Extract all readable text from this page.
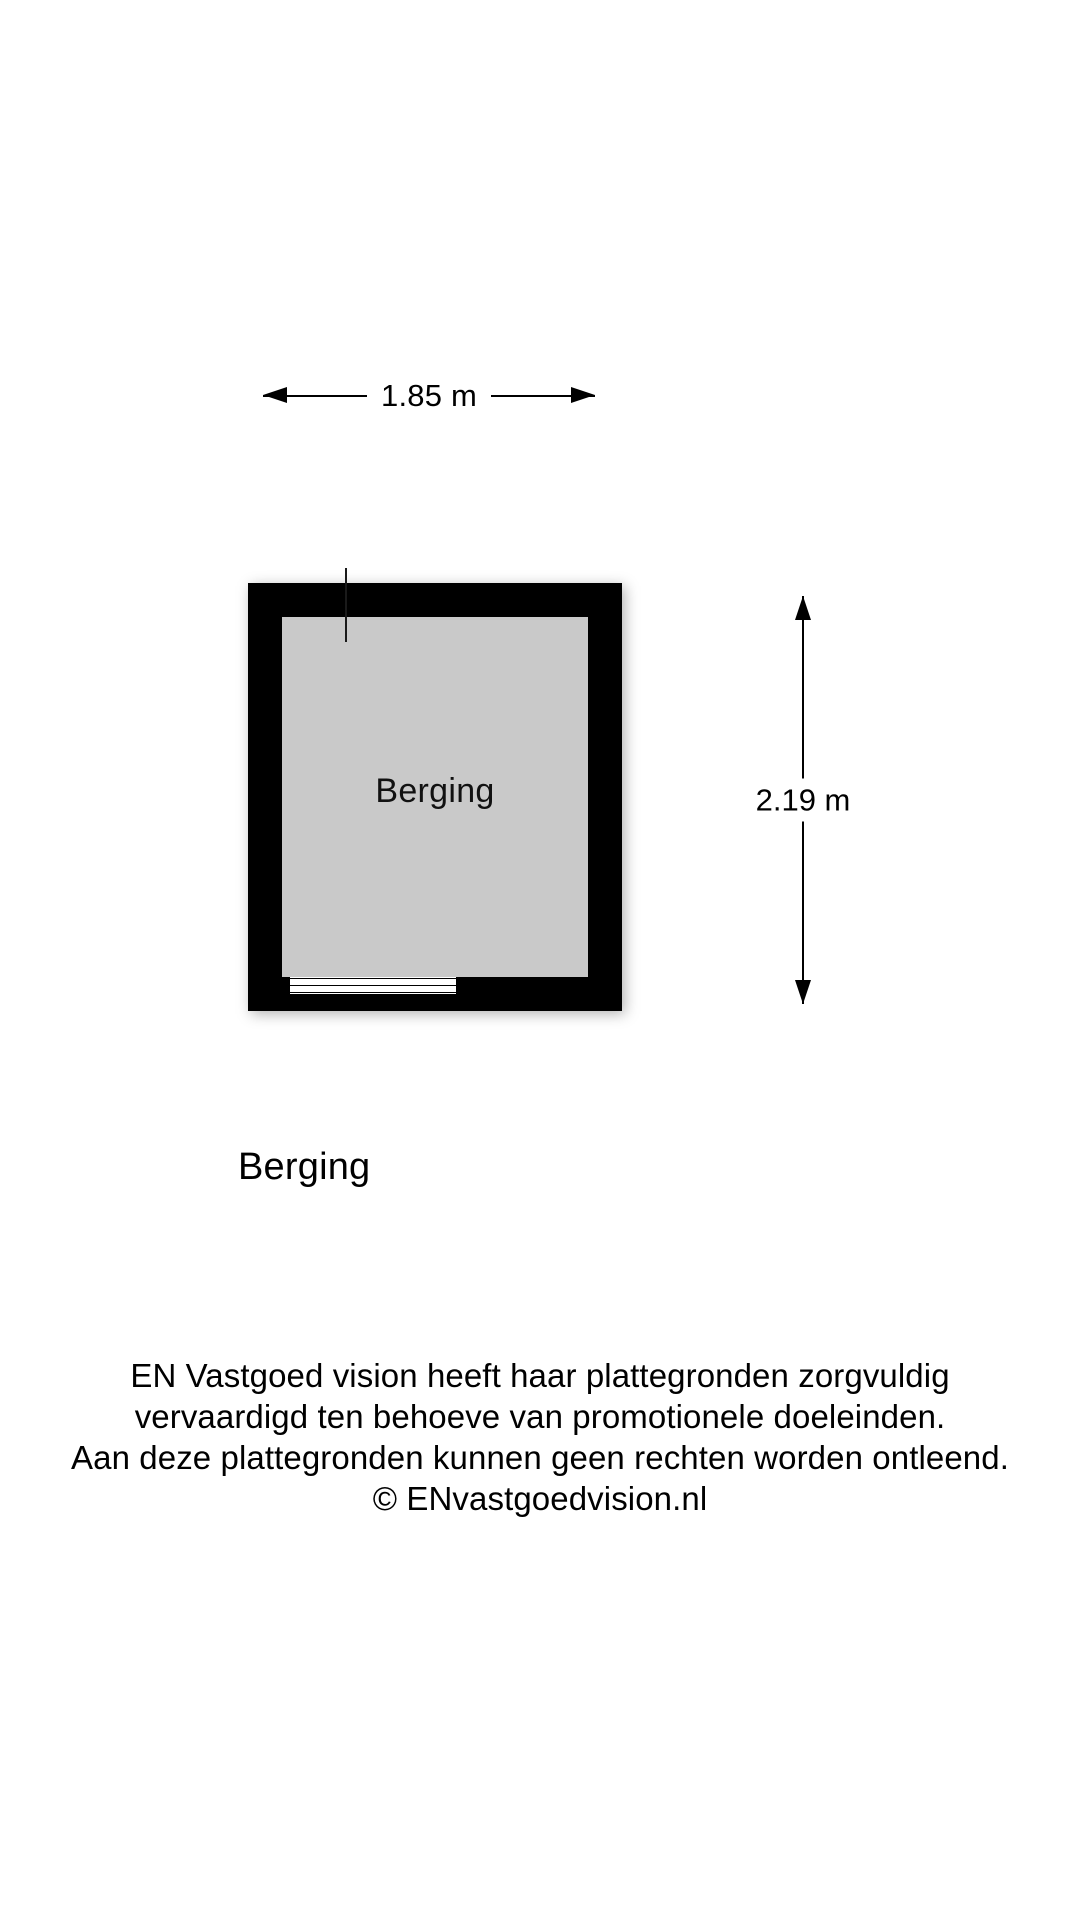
1.85 m
2.19 m
Berging
Berging
EN Vastgoed vision heeft haar plattegronden zorgvuldig
vervaardigd ten behoeve van promotionele doeleinden.
Aan deze plattegronden kunnen geen rechten worden ontleend.
© ENvastgoedvision.nl
